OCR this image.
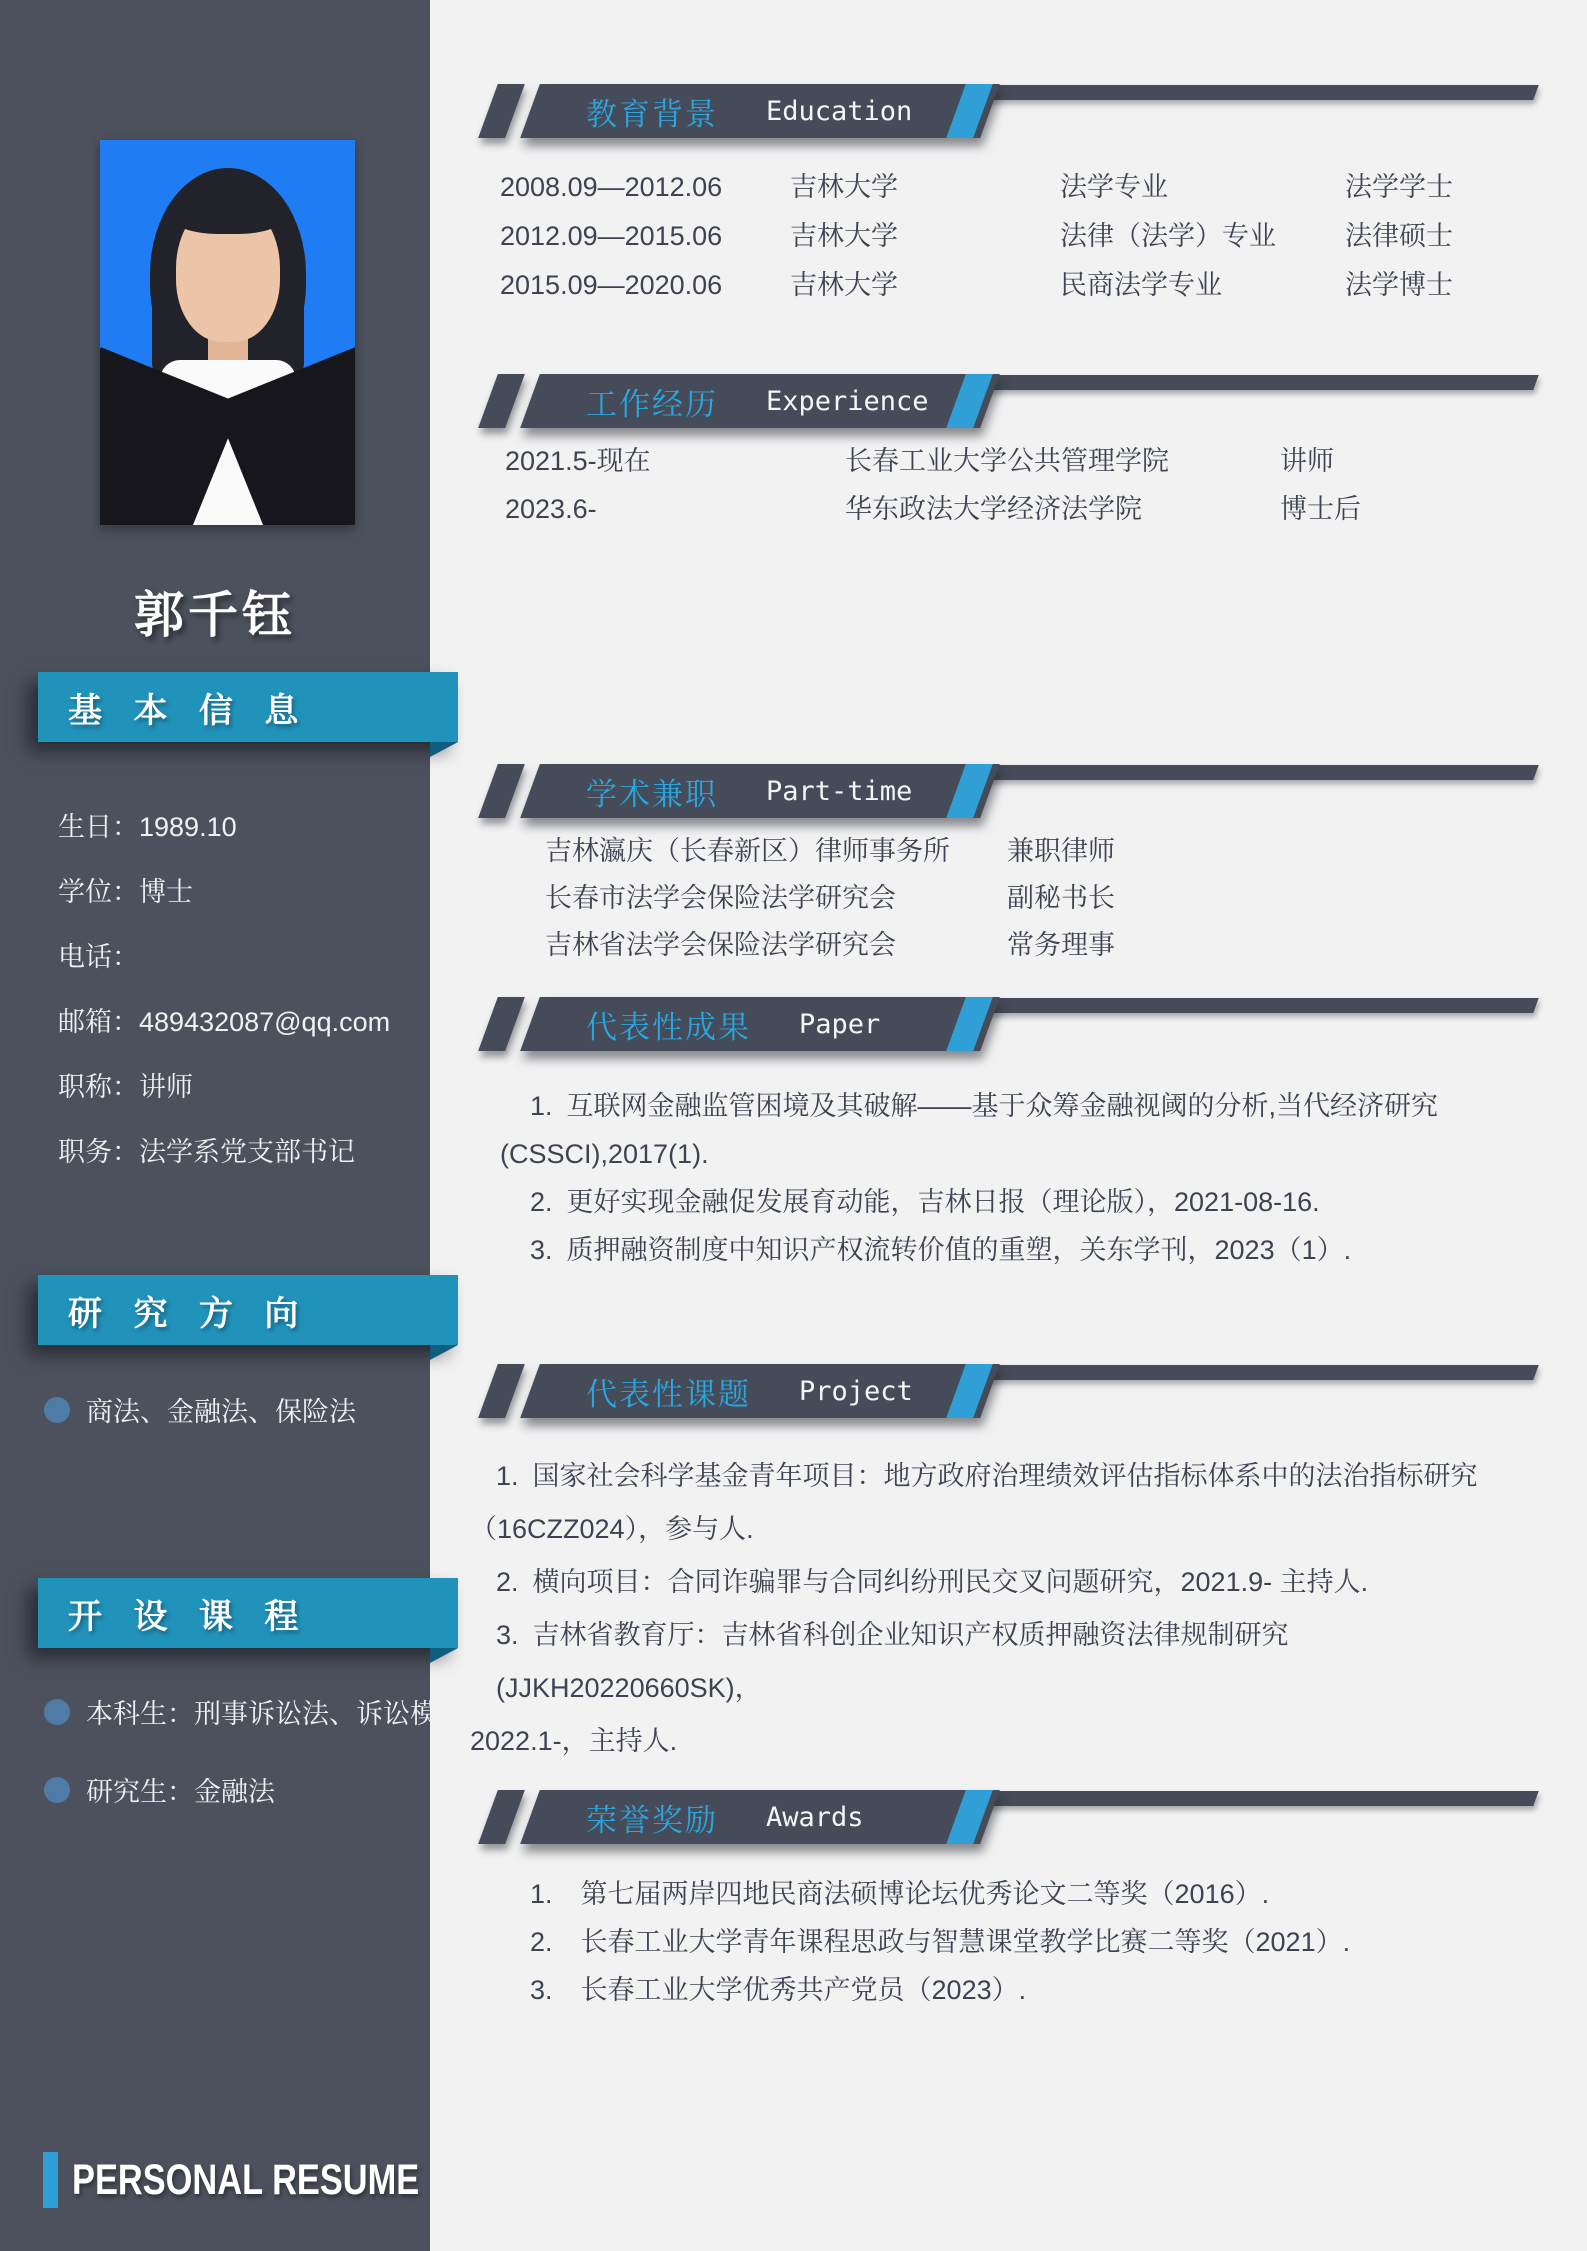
郭千钰
基 本 信 息
生日：1989.10
学位：博士
电话：
邮箱：489432087@qq.com
职称：讲师
职务：法学系党支部书记
研 究 方 向
商法、金融法、保险法
开 设 课 程
本科生：刑事诉讼法、诉讼模拟
研究生：金融法
PERSONAL RESUME
教育背景 Education
2008.09—2012.06	吉林大学	法学专业	法学学士
2012.09—2015.06	吉林大学	法律（法学）专业	法律硕士
2015.09—2020.06	吉林大学	民商法学专业	法学博士
工作经历 Experience
2021.5-现在	长春工业大学公共管理学院	讲师
2023.6-	华东政法大学经济法学院	博士后
学术兼职 Part-time
吉林瀛庆（长春新区）律师事务所 兼职律师
长春市法学会保险法学研究会	副秘书长
吉林省法学会保险法学研究会	常务理事
代表性成果 Paper

1. 互联网金融监管困境及其破解——基于众筹金融视阈的分析,当代经济研究

(CSSCI),2017(1).

2. 更好实现金融促发展育动能，吉林日报（理论版），2021-08-16.

3. 质押融资制度中知识产权流转价值的重塑，关东学刊，2023（1）.

代表性课题 Project

1. 国家社会科学基金青年项目：地方政府治理绩效评估指标体系中的法治指标研究

（16CZZ024），参与人.

2. 横向项目：合同诈骗罪与合同纠纷刑民交叉问题研究，2021.9- 主持人.

3. 吉林省教育厅：吉林省科创企业知识产权质押融资法律规制研究(JJKH20220660SK)，

2022.1-，主持人.

荣誉奖励 Awards

1. 第七届两岸四地民商法硕博论坛优秀论文二等奖（2016）.

2. 长春工业大学青年课程思政与智慧课堂教学比赛二等奖（2021）.

3. 长春工业大学优秀共产党员（2023）.
